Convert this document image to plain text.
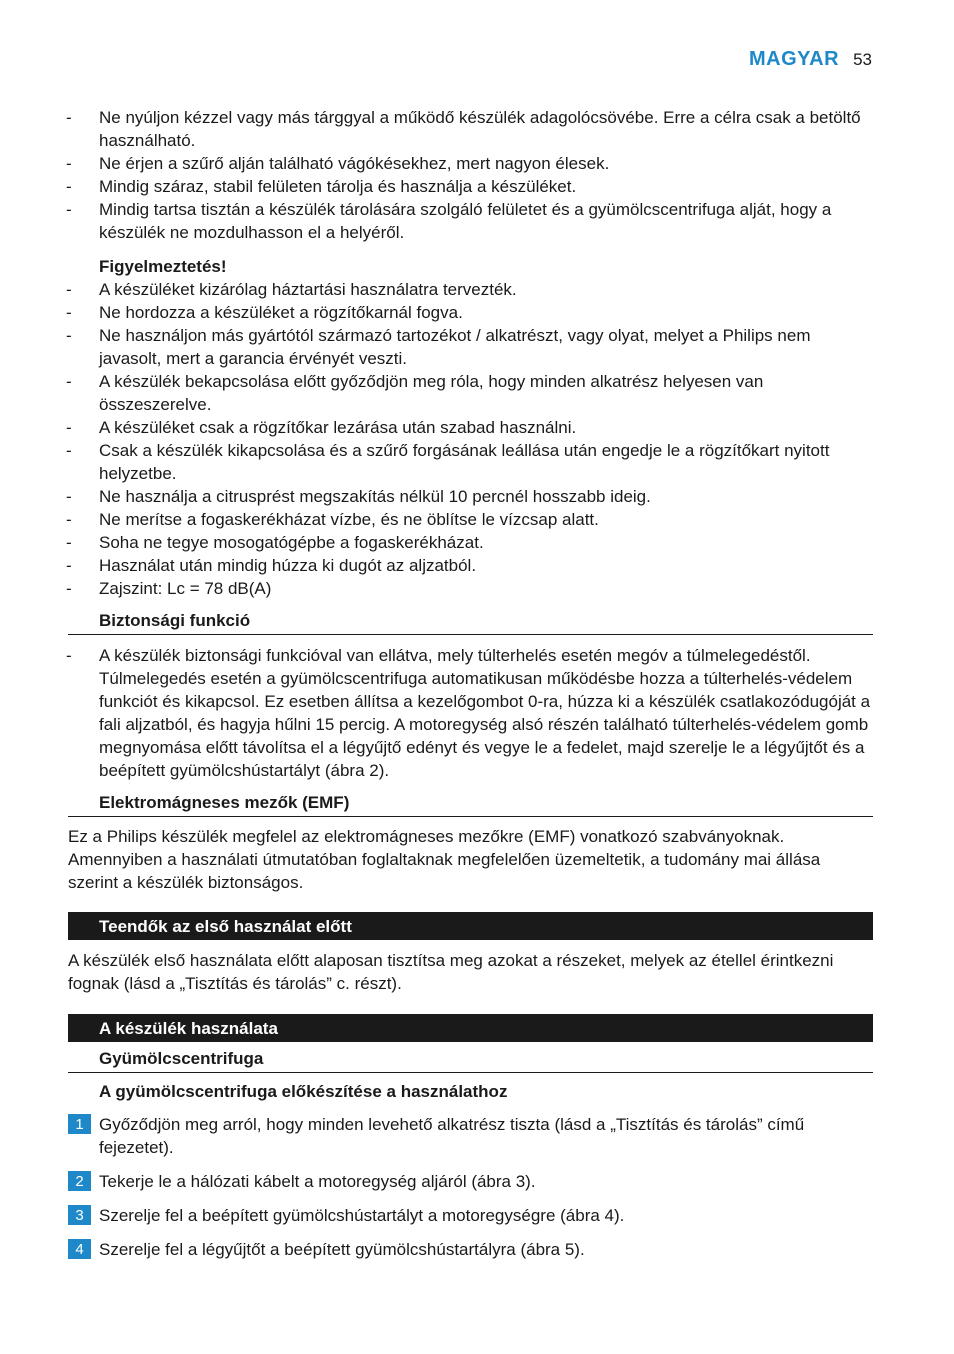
MAGYAR 53
- Ne nyúljon kézzel vagy más tárggyal a működő készülék adagolócsövébe. Erre a célra csak a betöltő használható.
- Ne érjen a szűrő alján található vágókésekhez, mert nagyon élesek.
- Mindig száraz, stabil felületen tárolja és használja a készüléket.
- Mindig tartsa tisztán a készülék tárolására szolgáló felületet és a gyümölcscentrifuga alját, hogy a készülék ne mozdulhasson el a helyéről.
Figyelmeztetés!
- A készüléket kizárólag háztartási használatra tervezték.
- Ne hordozza a készüléket a rögzítőkarnál fogva.
- Ne használjon más gyártótól származó tartozékot / alkatrészt, vagy olyat, melyet a Philips nem javasolt, mert a garancia érvényét veszti.
- A készülék bekapcsolása előtt győződjön meg róla, hogy minden alkatrész helyesen van összeszerelve.
- A készüléket csak a rögzítőkar lezárása után szabad használni.
- Csak a készülék kikapcsolása és a szűrő forgásának leállása után engedje le a rögzítőkart nyitott helyzetbe.
- Ne használja a citrusprést megszakítás nélkül 10 percnél hosszabb ideig.
- Ne merítse a fogaskerékházat vízbe, és ne öblítse le vízcsap alatt.
- Soha ne tegye mosogatógépbe a fogaskerékházat.
- Használat után mindig húzza ki dugót az aljzatból.
- Zajszint: Lc = 78 dB(A)
Biztonsági funkció
- A készülék biztonsági funkcióval van ellátva, mely túlterhelés esetén megóv a túlmelegedéstől. Túlmelegedés esetén a gyümölcscentrifuga automatikusan működésbe hozza a túlterhelés-védelem funkciót és kikapcsol. Ez esetben állítsa a kezelőgombot 0-ra, húzza ki a készülék csatlakozódugóját a fali aljzatból, és hagyja hűlni 15 percig. A motoregység alsó részén található túlterhelés-védelem gomb megnyomása előtt távolítsa el a légyűjtő edényt és vegye le a fedelet, majd szerelje le a légyűjtőt és a beépített gyümölcshústartályt (ábra 2).
Elektromágneses mezők (EMF)
Ez a Philips készülék megfelel az elektromágneses mezőkre (EMF) vonatkozó szabványoknak. Amennyiben a használati útmutatóban foglaltaknak megfelelően üzemeltetik, a tudomány mai állása szerint a készülék biztonságos.
Teendők az első használat előtt
A készülék első használata előtt alaposan tisztítsa meg azokat a részeket, melyek az étellel érintkezni fognak (lásd a „Tisztítás és tárolás” c. részt).
A készülék használata
Gyümölcscentrifuga
A gyümölcscentrifuga előkészítése a használathoz
1 Győződjön meg arról, hogy minden levehető alkatrész tiszta (lásd a „Tisztítás és tárolás” című fejezetet).
2 Tekerje le a hálózati kábelt a motoregység aljáról (ábra 3).
3 Szerelje fel a beépített gyümölcshústartályt a motoregységre (ábra 4).
4 Szerelje fel a légyűjtőt a beépített gyümölcshústartályra (ábra 5).
